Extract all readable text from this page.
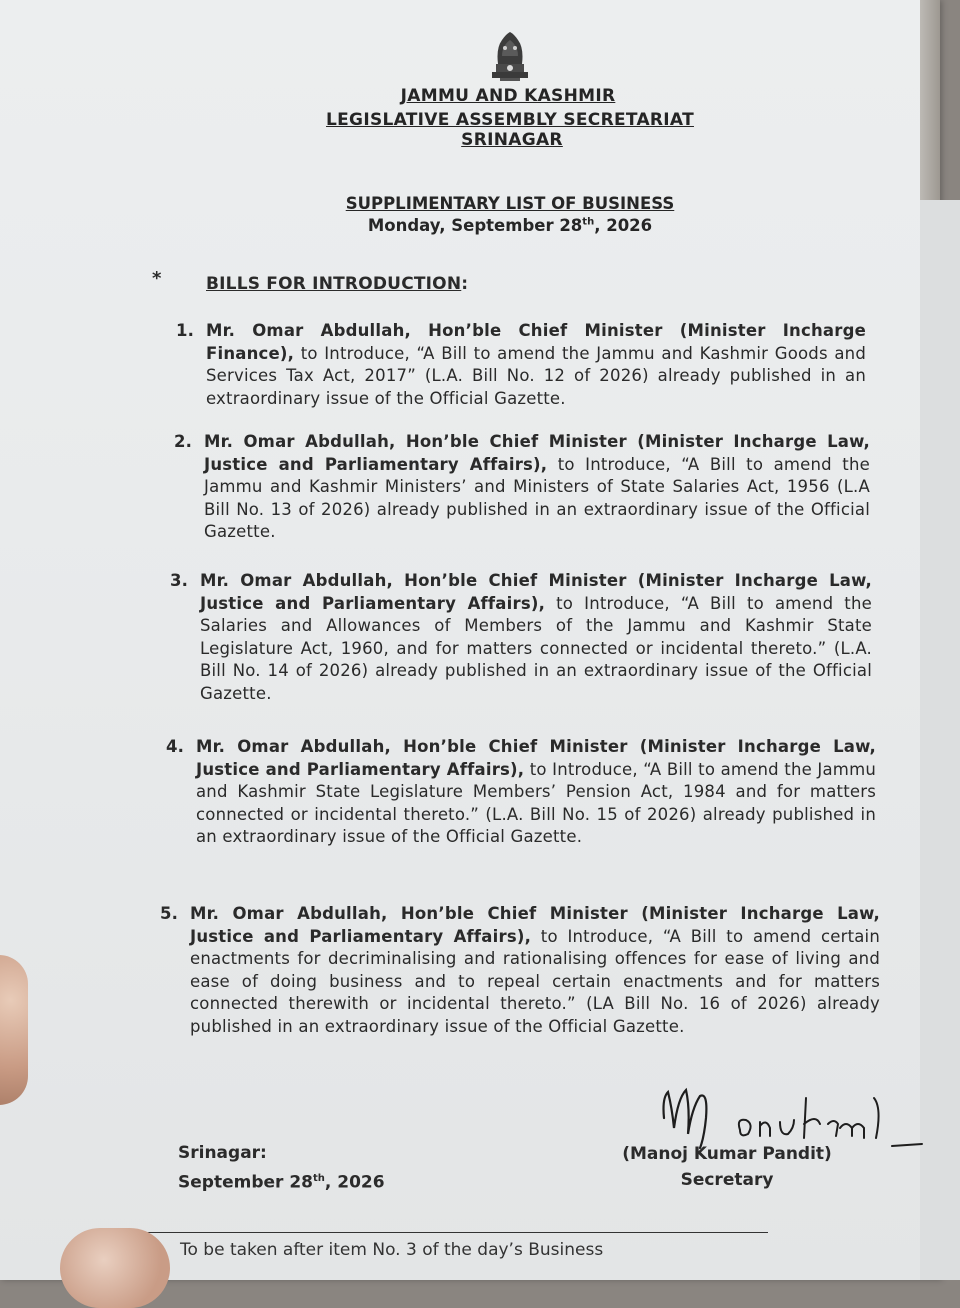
JAMMU AND KASHMIR
LEGISLATIVE ASSEMBLY SECRETARIAT
SRINAGAR
SUPPLIMENTARY LIST OF BUSINESS
Monday, September 28th, 2026
*	BILLS FOR INTRODUCTION:
1. Mr. Omar Abdullah, Hon’ble Chief Minister (Minister Incharge Finance), to Introduce, “A Bill to amend the Jammu and Kashmir Goods and Services Tax Act, 2017” (L.A. Bill No. 12 of 2026) already published in an extraordinary issue of the Official Gazette.
2. Mr. Omar Abdullah, Hon’ble Chief Minister (Minister Incharge Law, Justice and Parliamentary Affairs), to Introduce, “A Bill to amend the Jammu and Kashmir Ministers’ and Ministers of State Salaries Act, 1956 (L.A Bill No. 13 of 2026) already published in an extraordinary issue of the Official Gazette.
3. Mr. Omar Abdullah, Hon’ble Chief Minister (Minister Incharge Law, Justice and Parliamentary Affairs), to Introduce, “A Bill to amend the Salaries and Allowances of Members of the Jammu and Kashmir State Legislature Act, 1960, and for matters connected or incidental thereto.” (L.A. Bill No. 14 of 2026) already published in an extraordinary issue of the Official Gazette.
4. Mr. Omar Abdullah, Hon’ble Chief Minister (Minister Incharge Law, Justice and Parliamentary Affairs), to Introduce, “A Bill to amend the Jammu and Kashmir State Legislature Members’ Pension Act, 1984 and for matters connected or incidental thereto.” (L.A. Bill No. 15 of 2026) already published in an extraordinary issue of the Official Gazette.
5. Mr. Omar Abdullah, Hon’ble Chief Minister (Minister Incharge Law, Justice and Parliamentary Affairs), to Introduce, “A Bill to amend certain enactments for decriminalising and rationalising offences for ease of living and ease of doing business and to repeal certain enactments and for matters connected therewith or incidental thereto.” (LA Bill No. 16 of 2026) already published in an extraordinary issue of the Official Gazette.
Srinagar:
September 28th, 2026
(Manoj Kumar Pandit)
Secretary
To be taken after item No. 3 of the day’s Business
